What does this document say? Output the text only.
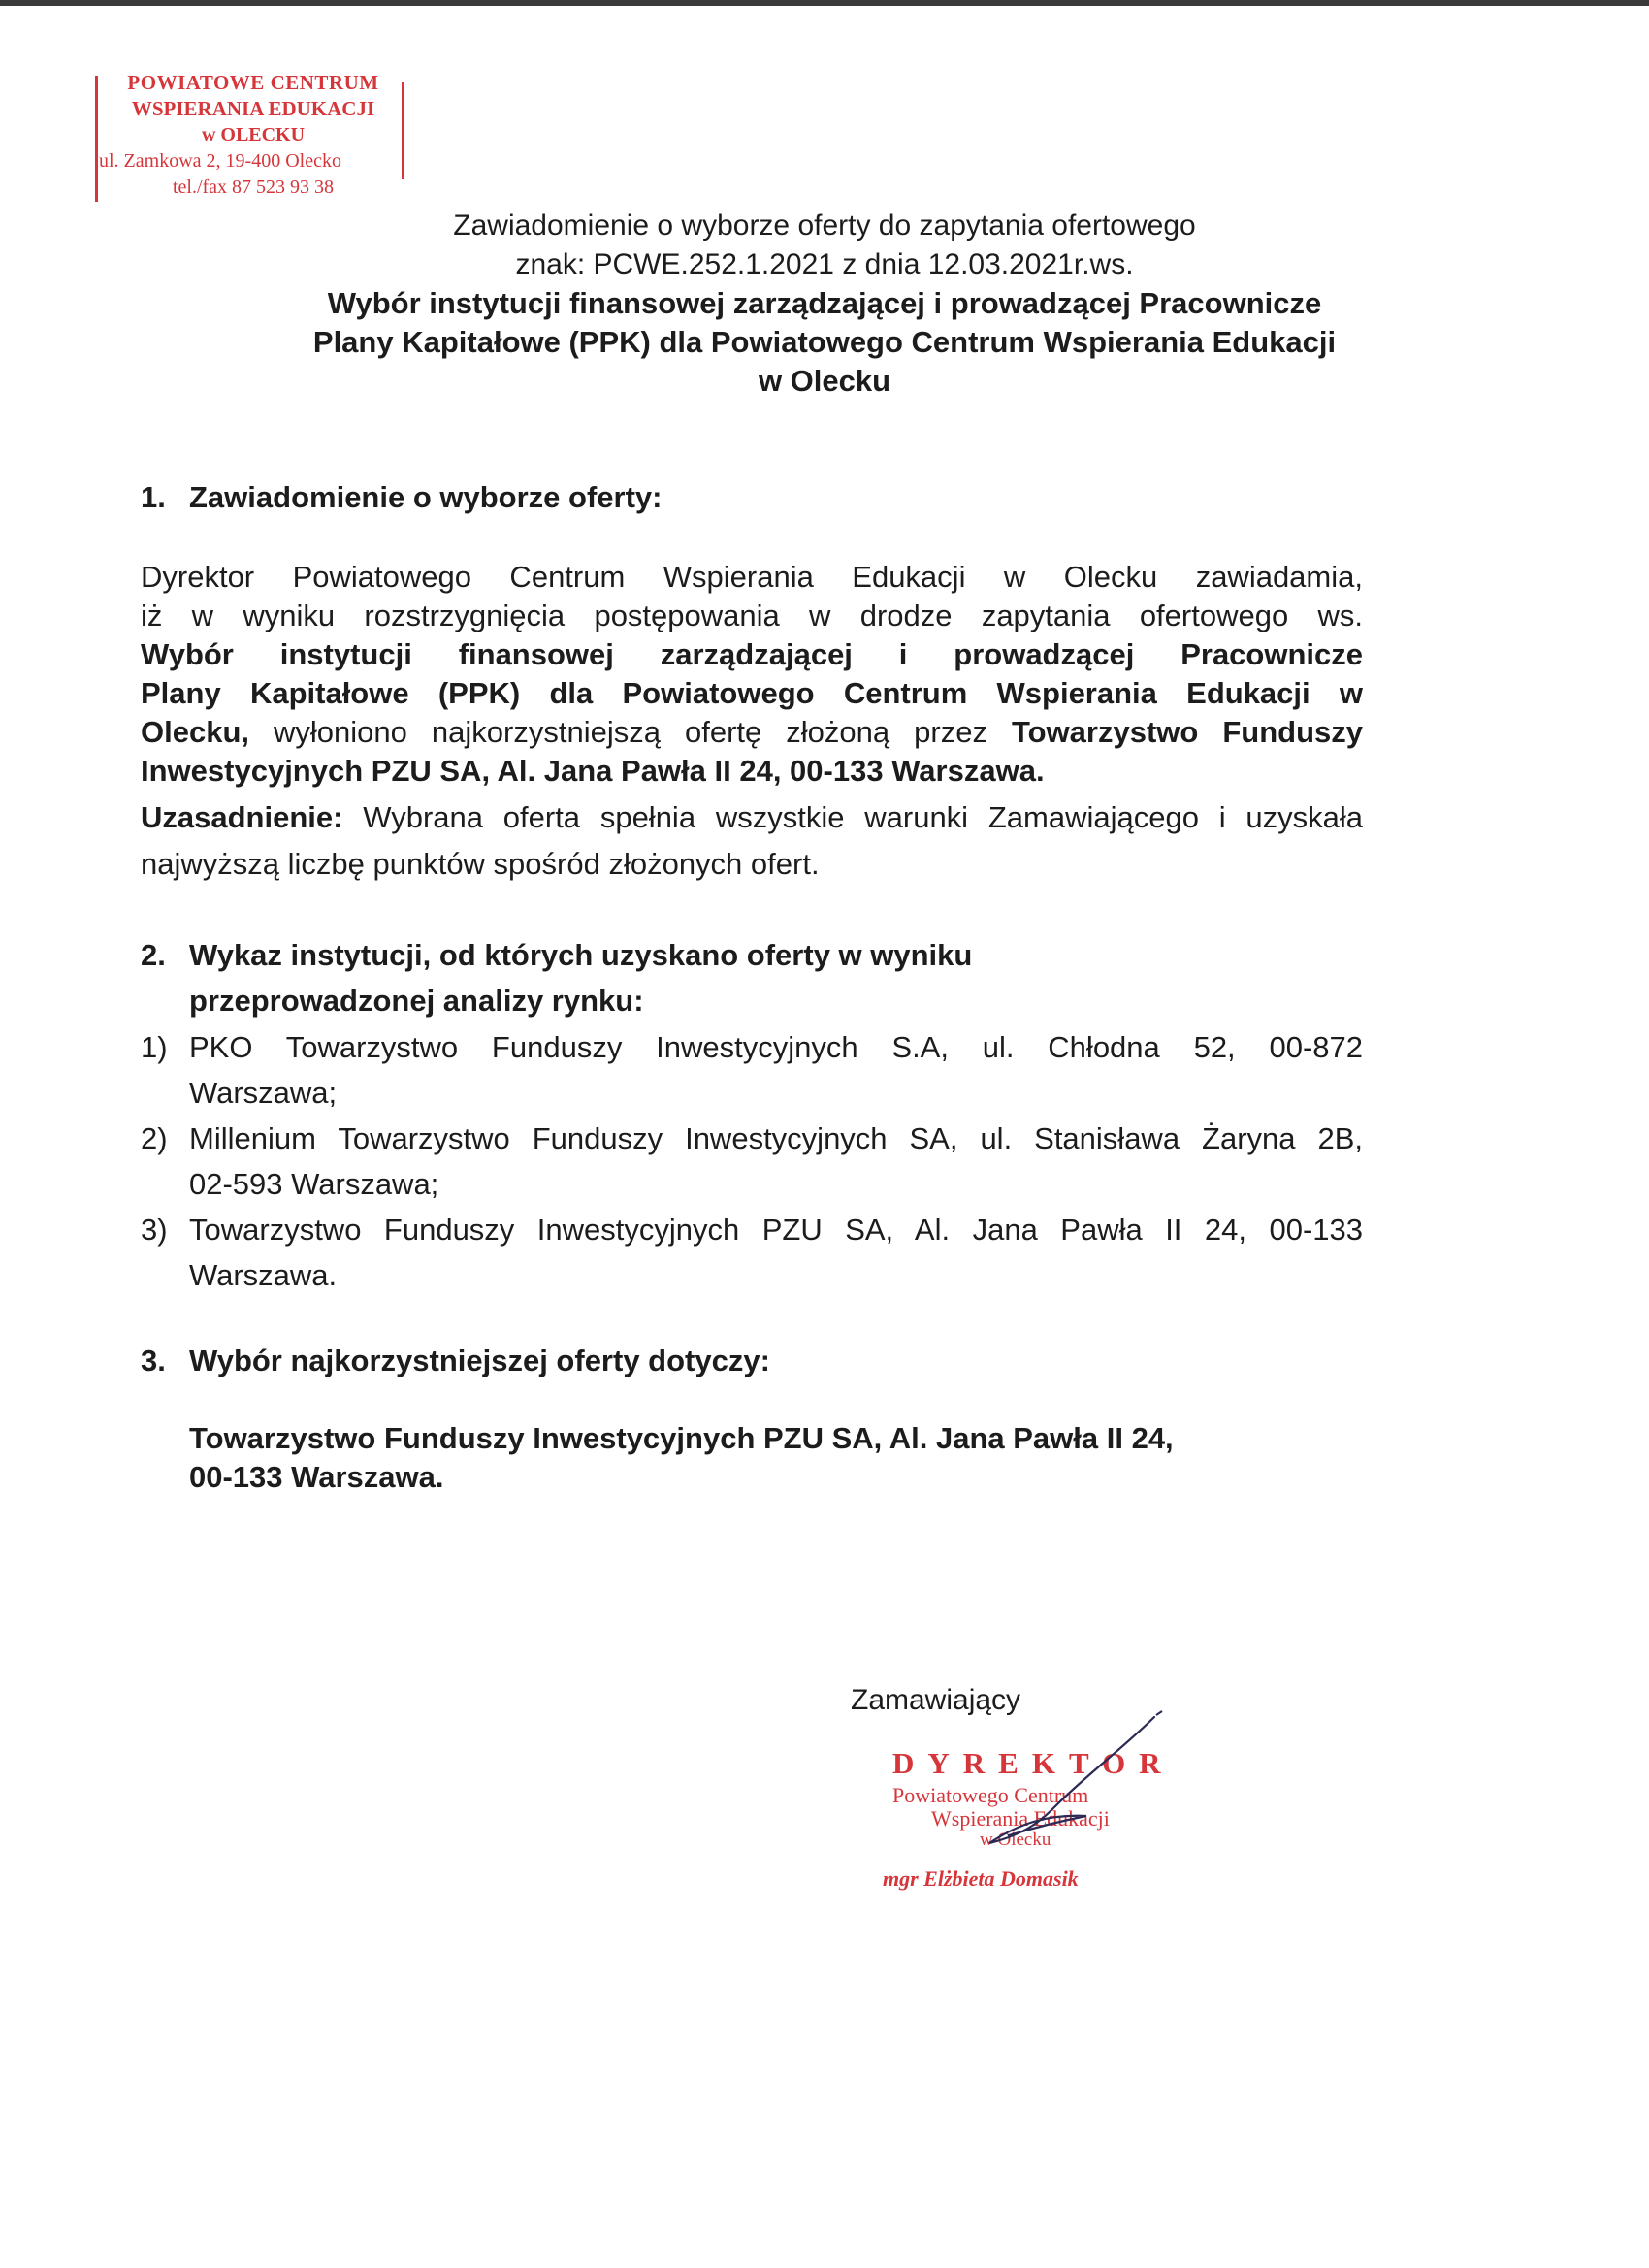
POWIATOWE CENTRUM
WSPIERANIA EDUKACJI
w OLECKU
ul. Zamkowa 2, 19-400 Olecko
tel./fax 87 523 93 38
Zawiadomienie o wyborze oferty do zapytania ofertowego
znak: PCWE.252.1.2021 z dnia 12.03.2021r.ws.
Wybór instytucji finansowej zarządzającej i prowadzącej Pracownicze
Plany Kapitałowe (PPK) dla Powiatowego Centrum Wspierania Edukacji
w Olecku
1. Zawiadomienie o wyborze oferty:
Dyrektor Powiatowego Centrum Wspierania Edukacji w Olecku zawiadamia,
iż w wyniku rozstrzygnięcia postępowania w drodze zapytania ofertowego ws.
Wybór instytucji finansowej zarządzającej i prowadzącej Pracownicze
Plany Kapitałowe (PPK) dla Powiatowego Centrum Wspierania Edukacji w
Olecku, wyłoniono najkorzystniejszą ofertę złożoną przez Towarzystwo Funduszy
Inwestycyjnych PZU SA, Al. Jana Pawła II 24, 00-133 Warszawa.
Uzasadnienie: Wybrana oferta spełnia wszystkie warunki Zamawiającego i uzyskała
najwyższą liczbę punktów spośród złożonych ofert.
2. Wykaz instytucji, od których uzyskano oferty w wyniku
przeprowadzonej analizy rynku:
1) PKO Towarzystwo Funduszy Inwestycyjnych S.A, ul. Chłodna 52, 00-872
Warszawa;
2) Millenium Towarzystwo Funduszy Inwestycyjnych SA, ul. Stanisława Żaryna 2B,
02-593 Warszawa;
3) Towarzystwo Funduszy Inwestycyjnych PZU SA, Al. Jana Pawła II 24, 00-133
Warszawa.
3. Wybór najkorzystniejszej oferty dotyczy:
Towarzystwo Funduszy Inwestycyjnych PZU SA, Al. Jana Pawła II 24,
00-133 Warszawa.
Zamawiający
DYREKTOR
Powiatowego Centrum
Wspierania Edukacji
w Olecku
mgr Elżbieta Domasik
